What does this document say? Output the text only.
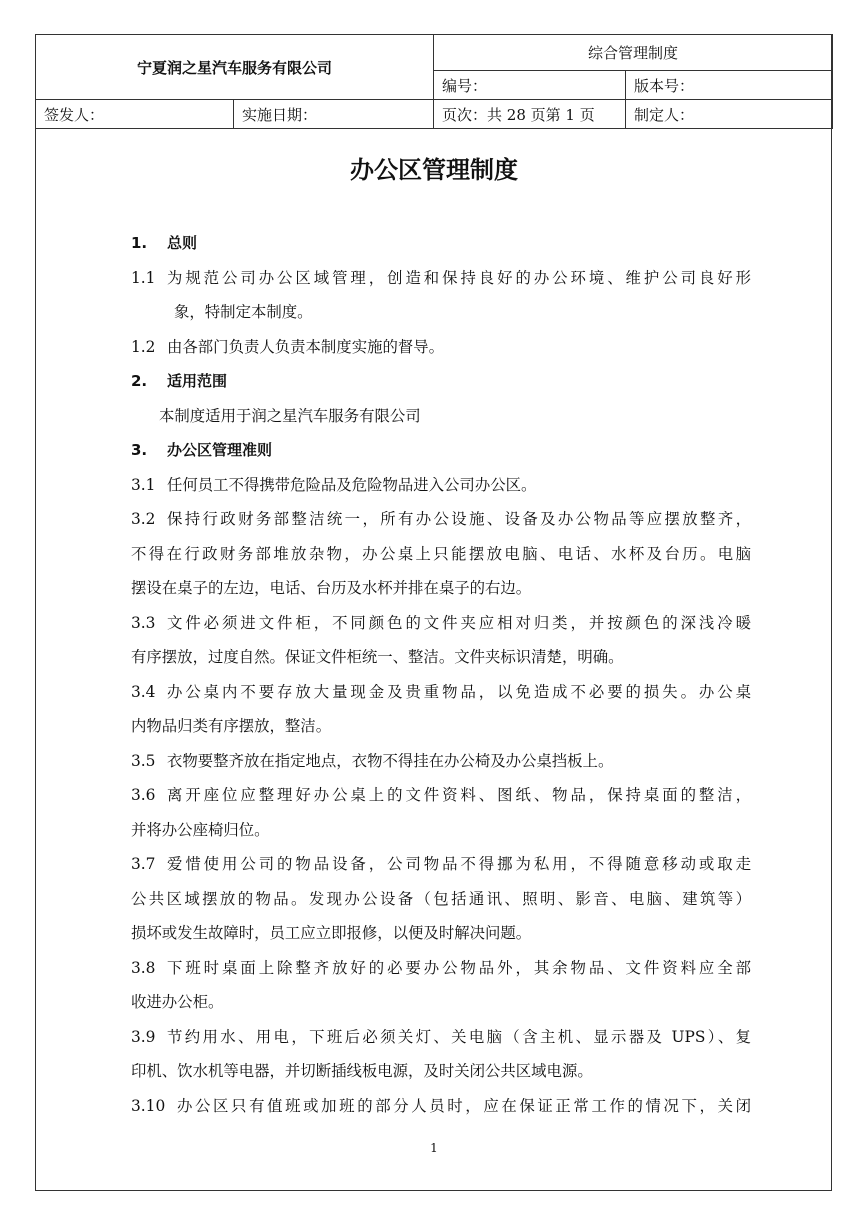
宁夏润之星汽车服务有限公司		综合管理制度	
		编号：	版本号：
签发人：	实施日期：	页次：共 28 页第 1 页	制定人：
办公区管理制度
1. 总则
1.1 为规范公司办公区域管理，创造和保持良好的办公环境、维护公司良好形
象，特制定本制度。
1.2 由各部门负责人负责本制度实施的督导。
2. 适用范围
本制度适用于润之星汽车服务有限公司
3. 办公区管理准则
3.1 任何员工不得携带危险品及危险物品进入公司办公区。
3.2 保持行政财务部整洁统一，所有办公设施、设备及办公物品等应摆放整齐，
不得在行政财务部堆放杂物，办公桌上只能摆放电脑、电话、水杯及台历。电脑
摆设在桌子的左边，电话、台历及水杯并排在桌子的右边。
3.3 文件必须进文件柜，不同颜色的文件夹应相对归类，并按颜色的深浅冷暖
有序摆放，过度自然。保证文件柜统一、整洁。文件夹标识清楚，明确。
3.4 办公桌内不要存放大量现金及贵重物品，以免造成不必要的损失。办公桌
内物品归类有序摆放，整洁。
3.5 衣物要整齐放在指定地点，衣物不得挂在办公椅及办公桌挡板上。
3.6 离开座位应整理好办公桌上的文件资料、图纸、物品，保持桌面的整洁，
并将办公座椅归位。
3.7 爱惜使用公司的物品设备，公司物品不得挪为私用，不得随意移动或取走
公共区域摆放的物品。发现办公设备（包括通讯、照明、影音、电脑、建筑等）
损坏或发生故障时，员工应立即报修，以便及时解决问题。
3.8 下班时桌面上除整齐放好的必要办公物品外，其余物品、文件资料应全部
收进办公柜。
3.9 节约用水、用电，下班后必须关灯、关电脑（含主机、显示器及 UPS）、复
印机、饮水机等电器，并切断插线板电源，及时关闭公共区域电源。
3.10 办公区只有值班或加班的部分人员时，应在保证正常工作的情况下，关闭
1
